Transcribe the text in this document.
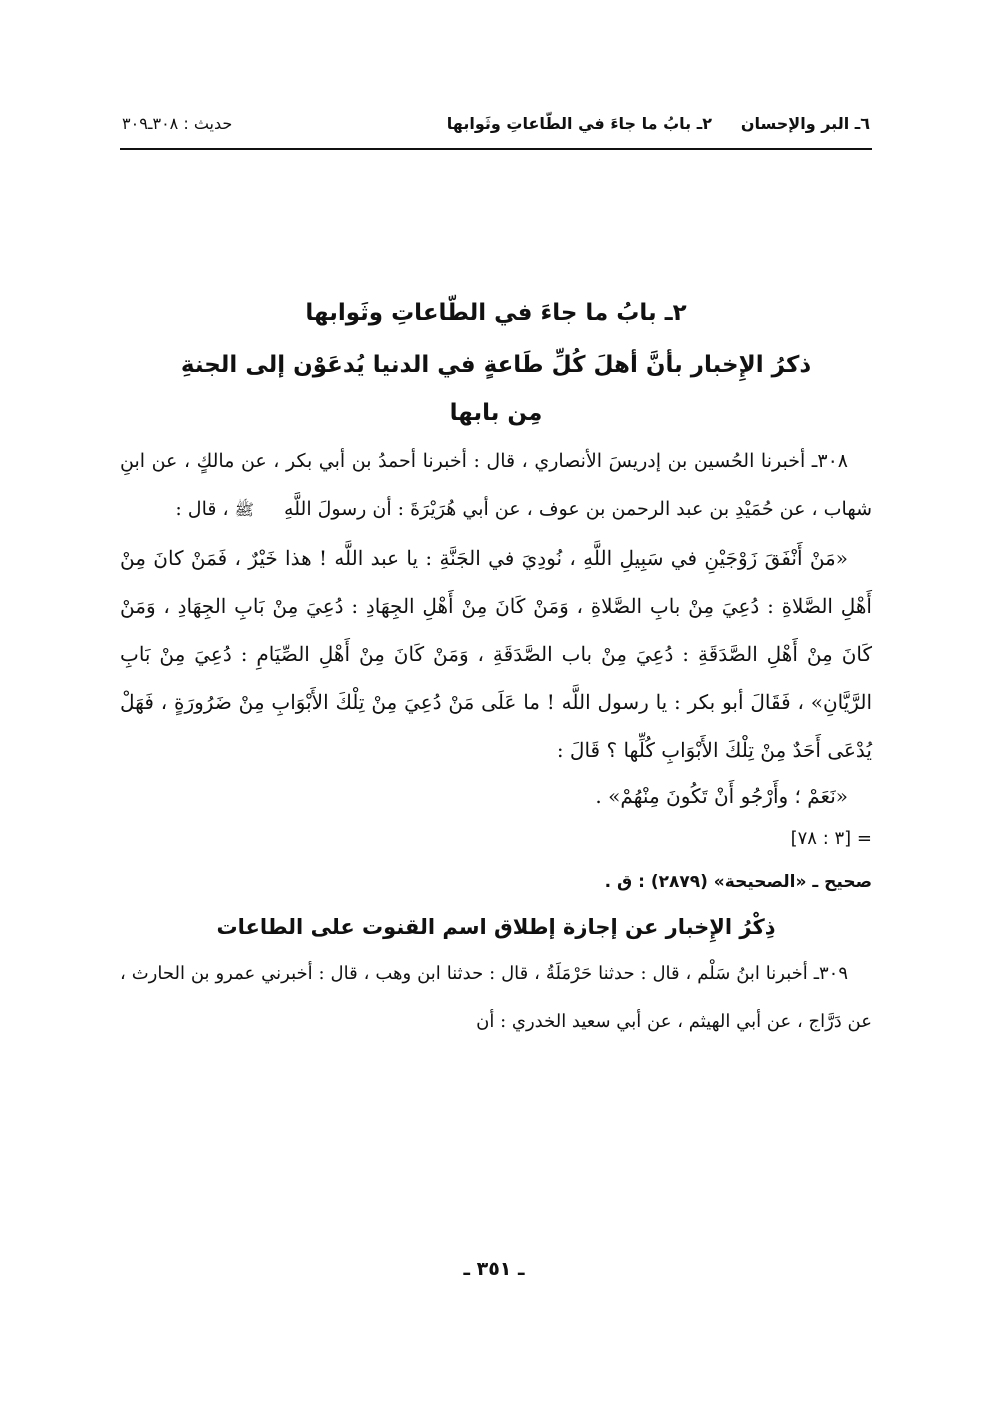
٦ـ البر والإحسان
٢ـ بابُ ما جاءَ في الطّاعاتِ وثَوابها
حديث : ٣٠٨ـ٣٠٩

٢ـ بابُ ما جاءَ في الطّاعاتِ وثَوابها

ذكرُ الإِخبار بأنَّ أهلَ كُلِّ طَاعةٍ في الدنيا يُدعَوْن إلى الجنةِ

مِن بابها

٣٠٨ـ أخبرنا الحُسين بن إدريسَ الأنصاري ، قال : أخبرنا أحمدُ بن أبي بكر ، عن مالكٍ ، عن ابنِ شهاب ، عن حُمَيْدِ بن عبد الرحمن بن عوف ، عن أبي هُرَيْرَةَ : أن رسولَ اللَّهِ ﷺ ، قال :

«مَنْ أَنْفَقَ زَوْجَيْنِ في سَبِيلِ اللَّهِ ، نُودِيَ في الجَنَّةِ : يا عبد اللَّه ! هذا خَيْرٌ ، فَمَنْ كانَ مِنْ أَهْلِ الصَّلاةِ : دُعِيَ مِنْ بابِ الصَّلاةِ ، وَمَنْ كَانَ مِنْ أَهْلِ الجِهَادِ : دُعِيَ مِنْ بَابِ الجِهَادِ ، وَمَنْ كَانَ مِنْ أَهْلِ الصَّدَقَةِ : دُعِيَ مِنْ باب الصَّدَقَةِ ، وَمَنْ كَانَ مِنْ أَهْلِ الصِّيَامِ : دُعِيَ مِنْ بَابِ الرَّيَّانِ» ، فَقَالَ أبو بكر : يا رسول اللَّه ! ما عَلَى مَنْ دُعِيَ مِنْ تِلْكَ الأَبْوَابِ مِنْ ضَرُورَةٍ ، فَهَلْ يُدْعَى أَحَدٌ مِنْ تِلْكَ الأَبْوَابِ كُلِّها ؟ قَالَ :

«نَعَمْ ؛ وأَرْجُو أَنْ تَكُونَ مِنْهُمْ» .

= [٣ : ٧٨]

صحيح ـ «الصحيحة» (٢٨٧٩) : ق .

ذِكْرُ الإِخبار عن إجازة إطلاق اسم القنوت على الطاعات

٣٠٩ـ أخبرنا ابنُ سَلْم ، قال : حدثنا حَرْمَلَةُ ، قال : حدثنا ابن وهب ، قال : أخبرني عمرو بن الحارث ، عن دَرَّاج ، عن أبي الهيثم ، عن أبي سعيد الخدري : أن

ـ ٣٥١ ـ
